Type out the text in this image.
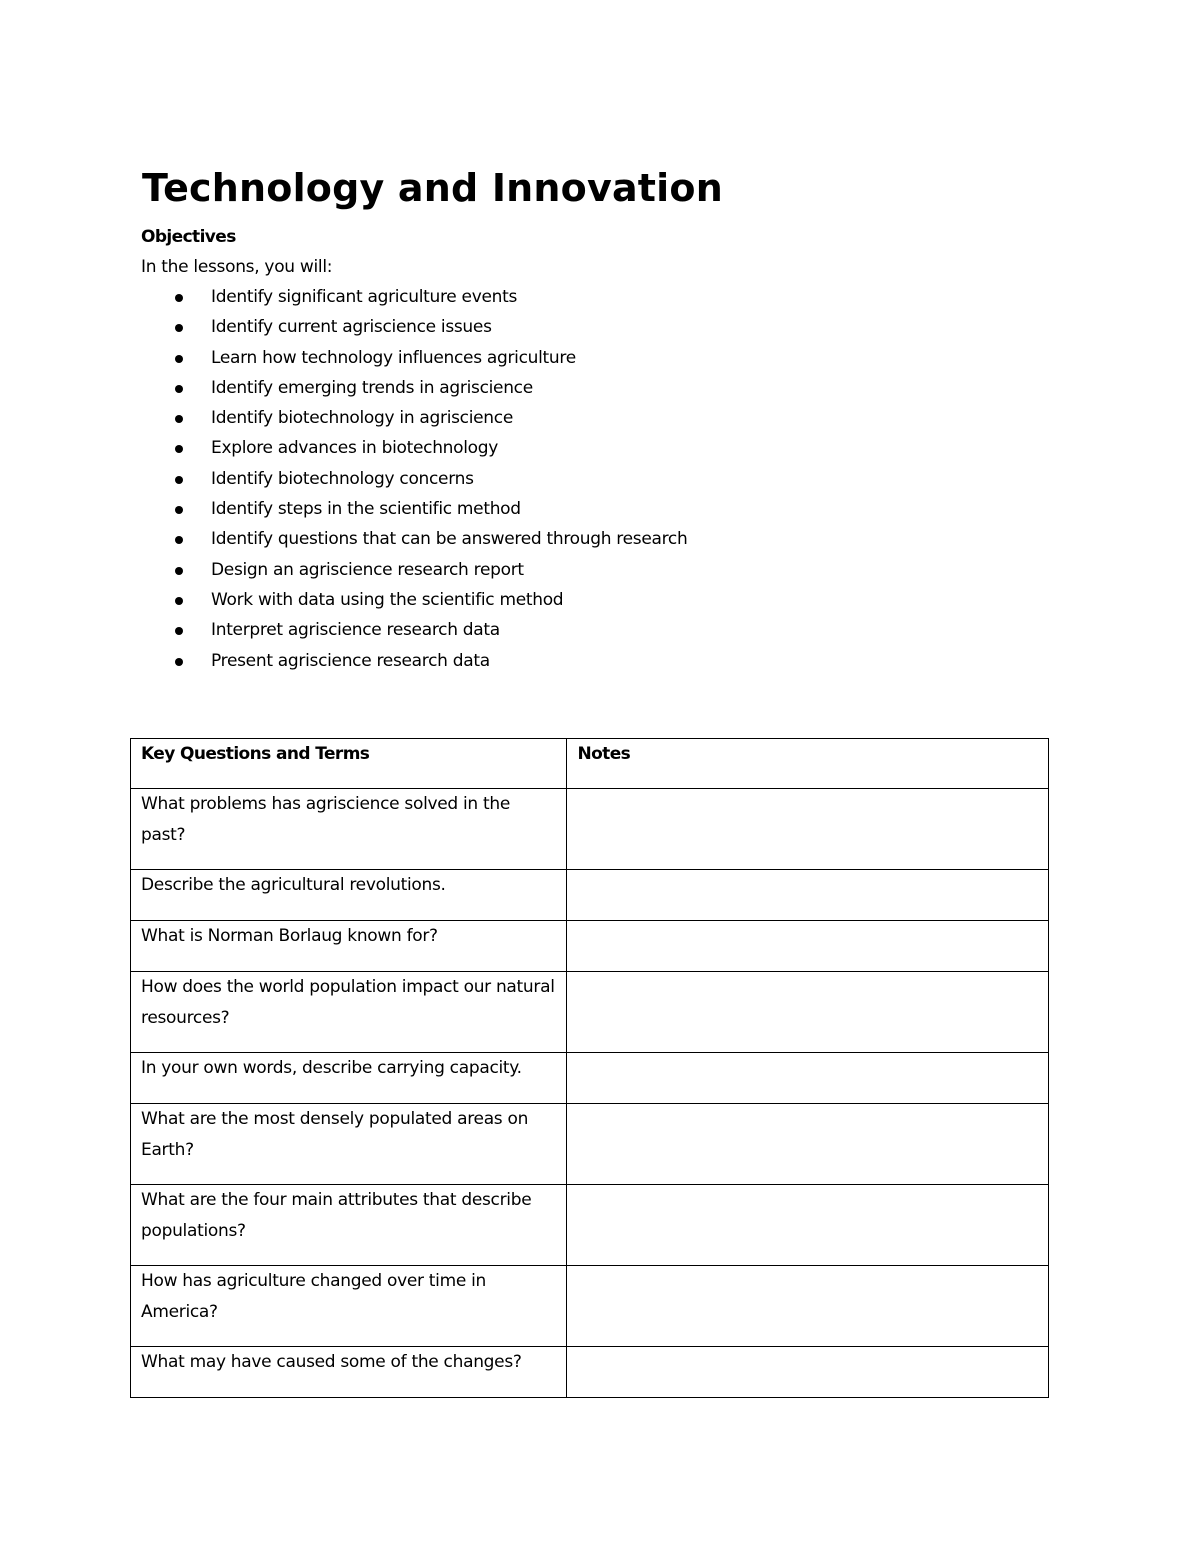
Technology and Innovation
Objectives

In the lessons, you will:

Identify significant agriculture events
Identify current agriscience issues
Learn how technology influences agriculture
Identify emerging trends in agriscience
Identify biotechnology in agriscience
Explore advances in biotechnology
Identify biotechnology concerns
Identify steps in the scientific method
Identify questions that can be answered through research
Design an agriscience research report
Work with data using the scientific method
Interpret agriscience research data
Present agriscience research data
Key Questions and Terms	Notes
What problems has agriscience solved in the past?	
Describe the agricultural revolutions.	
What is Norman Borlaug known for?	
How does the world population impact our natural resources?	
In your own words, describe carrying capacity.	
What are the most densely populated areas on Earth?	
What are the four main attributes that describe populations?	
How has agriculture changed over time in America?	
What may have caused some of the changes?	
